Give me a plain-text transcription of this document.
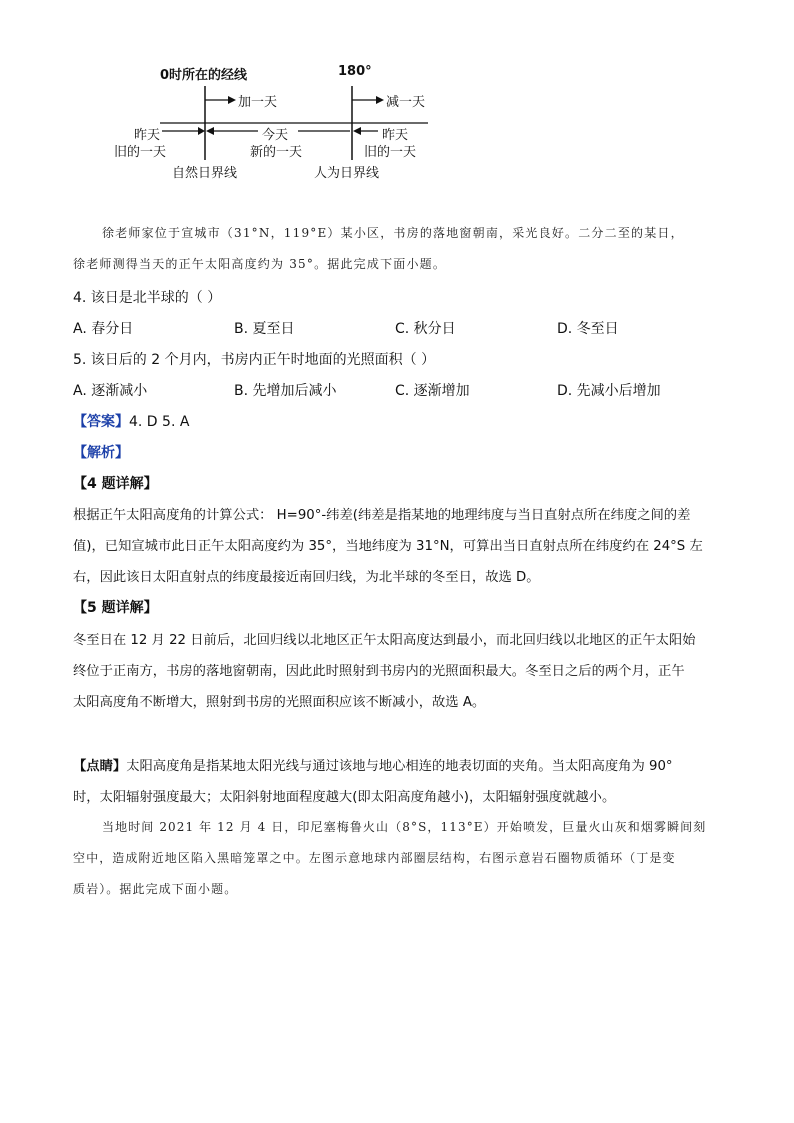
0时所在的经线	180°
加一天	减一天
昨天
旧的一天
今天
新的一天
昨天
旧的一天
自然日界线	人为日界线
徐老师家位于宣城市（31°N，119°E）某小区，书房的落地窗朝南，采光良好。二分二至的某日，
徐老师测得当天的正午太阳高度约为 35°。据此完成下面小题。
4. 该日是北半球的（ ）
A. 春分日	B. 夏至日	C. 秋分日	D. 冬至日
5. 该日后的 2 个月内，书房内正午时地面的光照面积（ ）
A. 逐渐减小	B. 先增加后减小	C. 逐渐增加	D. 先减小后增加
【答案】4. D 5. A
【解析】
【4 题详解】
根据正午太阳高度角的计算公式： H=90°-纬差(纬差是指某地的地理纬度与当日直射点所在纬度之间的差
值)，已知宣城市此日正午太阳高度约为 35°，当地纬度为 31°N，可算出当日直射点所在纬度约在 24°S 左
右，因此该日太阳直射点的纬度最接近南回归线，为北半球的冬至日，故选 D。
【5 题详解】
冬至日在 12 月 22 日前后，北回归线以北地区正午太阳高度达到最小，而北回归线以北地区的正午太阳始
终位于正南方，书房的落地窗朝南，因此此时照射到书房内的光照面积最大。冬至日之后的两个月，正午
太阳高度角不断增大，照射到书房的光照面积应该不断减小，故选 A。
【点睛】太阳高度角是指某地太阳光线与通过该地与地心相连的地表切面的夹角。当太阳高度角为 90°
时，太阳辐射强度最大；太阳斜射地面程度越大(即太阳高度角越小)，太阳辐射强度就越小。
当地时间 2021 年 12 月 4 日，印尼塞梅鲁火山（8°S，113°E）开始喷发，巨量火山灰和烟雾瞬间刻
空中，造成附近地区陷入黑暗笼罩之中。左图示意地球内部圈层结构，右图示意岩石圈物质循环（丁是变
质岩）。据此完成下面小题。
